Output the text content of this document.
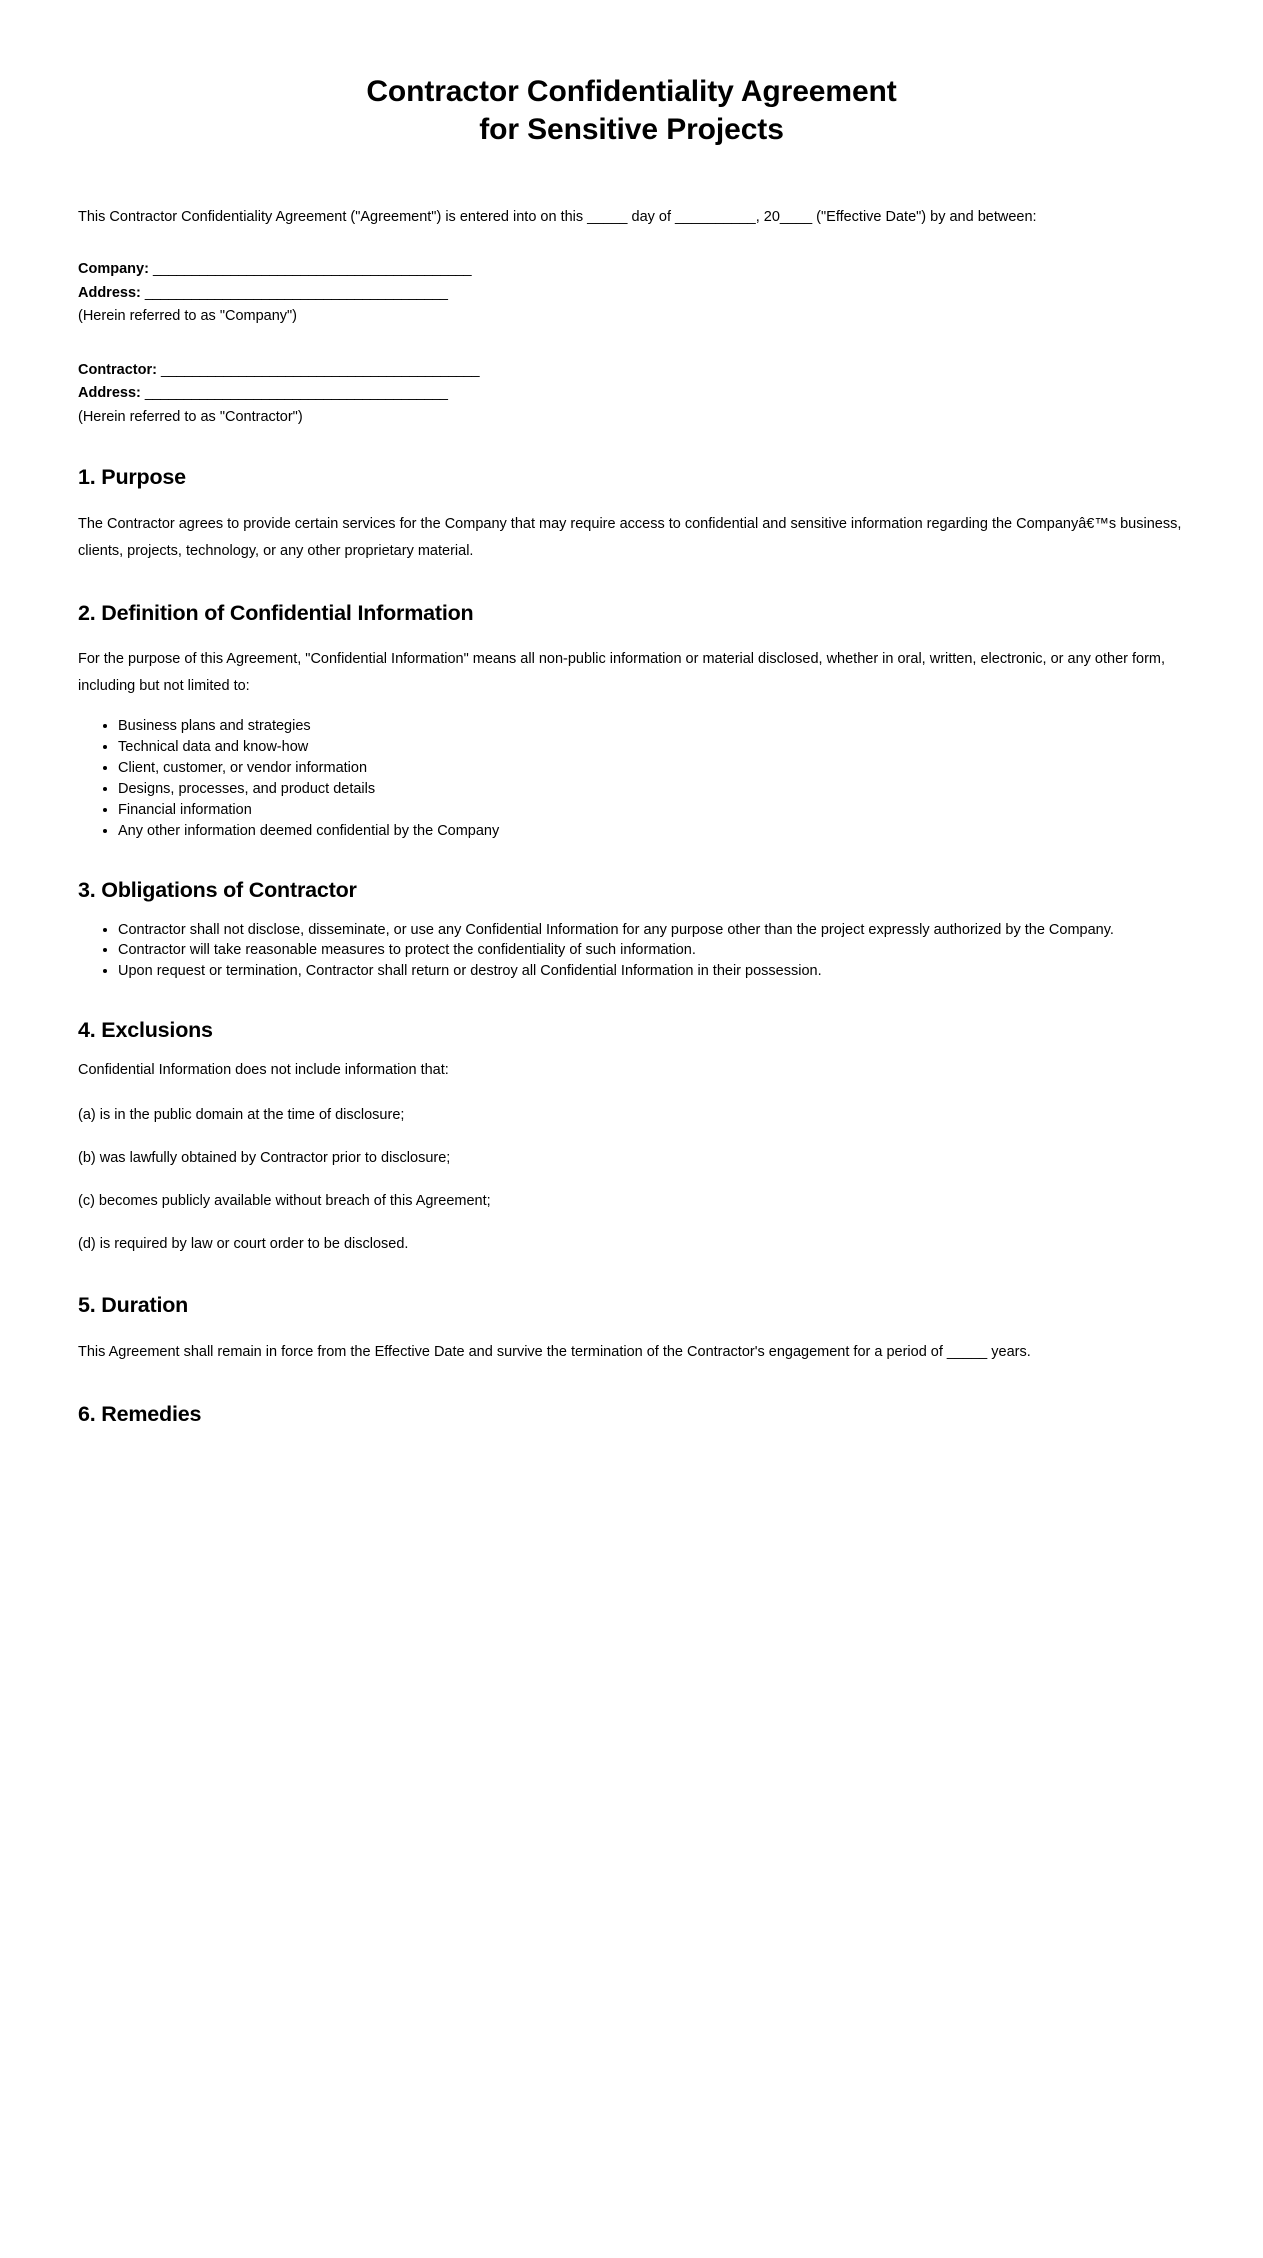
Contractor Confidentiality Agreement
for Sensitive Projects

This Contractor Confidentiality Agreement ("Agreement") is entered into on this _____ day of __________, 20____ ("Effective Date") by and between:

Company: _________________________________________
Address: _______________________________________
(Herein referred to as "Company")
Contractor: _________________________________________
Address: _______________________________________
(Herein referred to as "Contractor")
1. Purpose

The Contractor agrees to provide certain services for the Company that may require access to confidential and sensitive information regarding the Companyâ€™s business, clients, projects, technology, or any other proprietary material.

2. Definition of Confidential Information

For the purpose of this Agreement, "Confidential Information" means all non-public information or material disclosed, whether in oral, written, electronic, or any other form, including but not limited to:

• Business plans and strategies
• Technical data and know-how
• Client, customer, or vendor information
• Designs, processes, and product details
• Financial information
• Any other information deemed confidential by the Company
3. Obligations of Contractor
• Contractor shall not disclose, disseminate, or use any Confidential Information for any purpose other than the project expressly authorized by the Company.
• Contractor will take reasonable measures to protect the confidentiality of such information.
• Upon request or termination, Contractor shall return or destroy all Confidential Information in their possession.
4. Exclusions

Confidential Information does not include information that:

(a) is in the public domain at the time of disclosure;
(b) was lawfully obtained by Contractor prior to disclosure;
(c) becomes publicly available without breach of this Agreement;
(d) is required by law or court order to be disclosed.
5. Duration

This Agreement shall remain in force from the Effective Date and survive the termination of the Contractor's engagement for a period of _____ years.

6. Remedies
